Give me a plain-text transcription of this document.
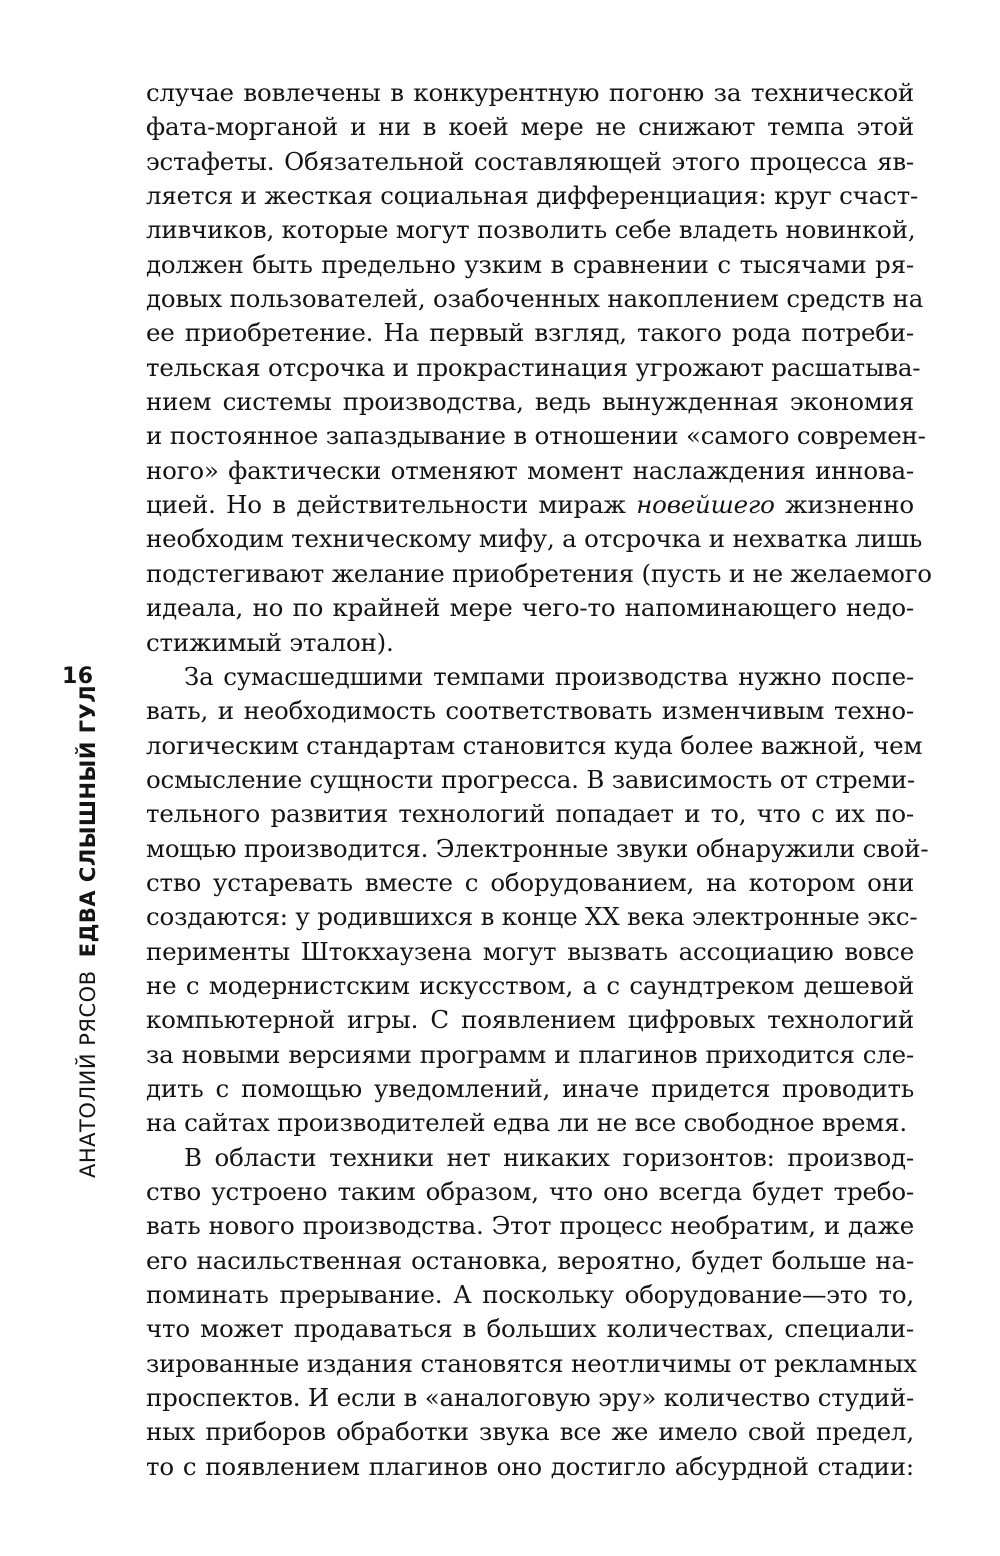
16
АНАТОЛИЙ РЯСОВ ЕДВА СЛЫШНЫЙ ГУЛ
случае вовлечены в конкурентную погоню за технической
фата-морганой и ни в коей мере не снижают темпа этой
эстафеты. Обязательной составляющей этого процесса яв-
ляется и жесткая социальная дифференциация: круг счаст-
ливчиков, которые могут позволить себе владеть новинкой,
должен быть предельно узким в сравнении с тысячами ря-
довых пользователей, озабоченных накоплением средств на
ее приобретение. На первый взгляд, такого рода потреби-
тельская отсрочка и прокрастинация угрожают расшатыва-
нием системы производства, ведь вынужденная экономия
и постоянное запаздывание в отношении «самого современ-
ного» фактически отменяют момент наслаждения иннова-
цией. Но в действительности мираж новейшего жизненно
необходим техническому мифу, а отсрочка и нехватка лишь
подстегивают желание приобретения (пусть и не желаемого
идеала, но по крайней мере чего-то напоминающего недо-
стижимый эталон).
За сумасшедшими темпами производства нужно поспе-
вать, и необходимость соответствовать изменчивым техно-
логическим стандартам становится куда более важной, чем
осмысление сущности прогресса. В зависимость от стреми-
тельного развития технологий попадает и то, что с их по-
мощью производится. Электронные звуки обнаружили свой-
ство устаревать вместе с оборудованием, на котором они
создаются: у родившихся в конце XX века электронные экс-
перименты Штокхаузена могут вызвать ассоциацию вовсе
не с модернистским искусством, а с саундтреком дешевой
компьютерной игры. С появлением цифровых технологий
за новыми версиями программ и плагинов приходится сле-
дить с помощью уведомлений, иначе придется проводить
на сайтах производителей едва ли не все свободное время.
В области техники нет никаких горизонтов: производ-
ство устроено таким образом, что оно всегда будет требо-
вать нового производства. Этот процесс необратим, и даже
его насильственная остановка, вероятно, будет больше на-
поминать прерывание. А поскольку оборудование—это то,
что может продаваться в больших количествах, специали-
зированные издания становятся неотличимы от рекламных
проспектов. И если в «аналоговую эру» количество студий-
ных приборов обработки звука все же имело свой предел,
то с появлением плагинов оно достигло абсурдной стадии:
